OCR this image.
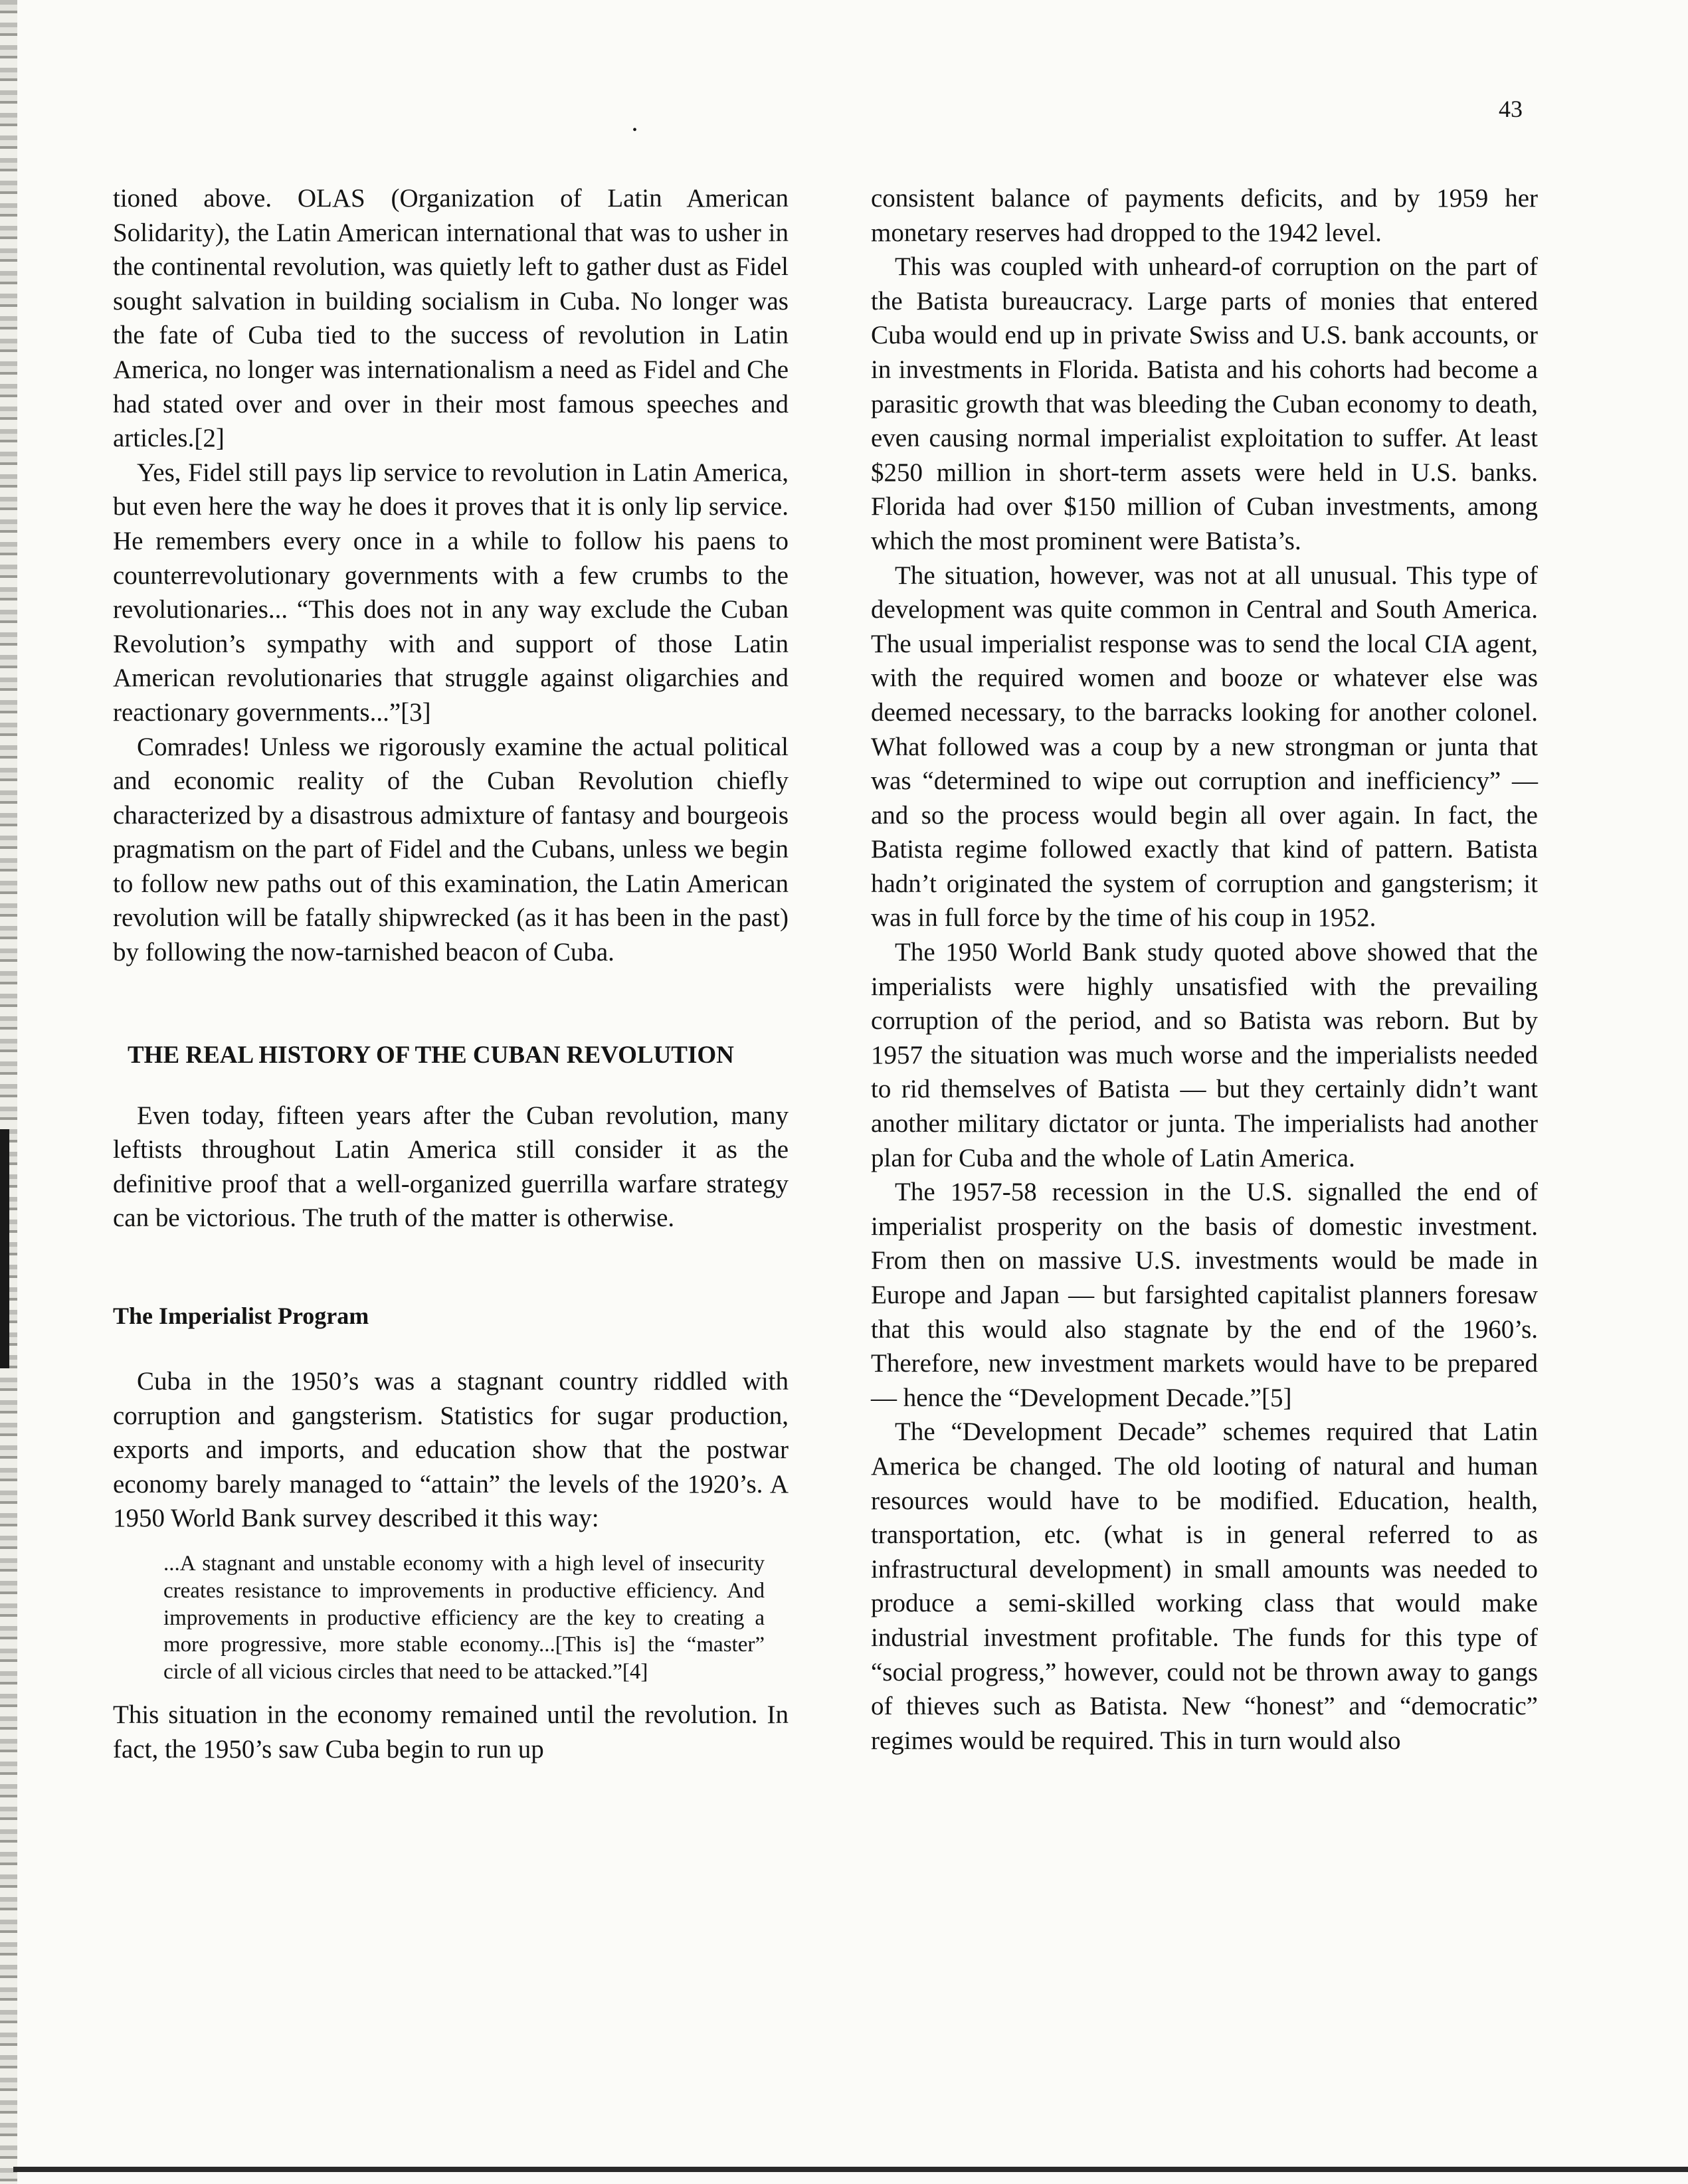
43
•

tioned above. OLAS (Organization of Latin American Solidarity), the Latin American international that was to usher in the continental revolution, was quietly left to gather dust as Fidel sought salvation in building socialism in Cuba. No longer was the fate of Cuba tied to the success of revolution in Latin America, no longer was internationalism a need as Fidel and Che had stated over and over in their most famous speeches and articles.[2]

Yes, Fidel still pays lip service to revolution in Latin America, but even here the way he does it proves that it is only lip service. He remembers every once in a while to follow his paens to counterrevolutionary governments with a few crumbs to the revolutionaries... “This does not in any way exclude the Cuban Revolution’s sympathy with and support of those Latin American revolutionaries that struggle against oligarchies and reactionary governments...”[3]

Comrades! Unless we rigorously examine the actual political and economic reality of the Cuban Revolution chiefly characterized by a disastrous admixture of fantasy and bourgeois pragmatism on the part of Fidel and the Cubans, unless we begin to follow new paths out of this examination, the Latin American revolution will be fatally shipwrecked (as it has been in the past) by following the now-tarnished beacon of Cuba.

THE REAL HISTORY OF THE CUBAN REVOLUTION

Even today, fifteen years after the Cuban revolution, many leftists throughout Latin America still consider it as the definitive proof that a well-organized guerrilla warfare strategy can be victorious. The truth of the matter is otherwise.

The Imperialist Program

Cuba in the 1950’s was a stagnant country riddled with corruption and gangsterism. Statistics for sugar production, exports and imports, and education show that the postwar economy barely managed to “attain” the levels of the 1920’s. A 1950 World Bank survey described it this way:

...A stagnant and unstable economy with a high level of insecurity creates resistance to improvements in productive efficiency. And improvements in productive efficiency are the key to creating a more progressive, more stable economy...[This is] the “master” circle of all vicious circles that need to be attacked.”[4]

This situation in the economy remained until the revolution. In fact, the 1950’s saw Cuba begin to run up

consistent balance of payments deficits, and by 1959 her monetary reserves had dropped to the 1942 level.

This was coupled with unheard-of corruption on the part of the Batista bureaucracy. Large parts of monies that entered Cuba would end up in private Swiss and U.S. bank accounts, or in investments in Florida. Batista and his cohorts had become a parasitic growth that was bleeding the Cuban economy to death, even causing normal imperialist exploitation to suffer. At least $250 million in short-term assets were held in U.S. banks. Florida had over $150 million of Cuban investments, among which the most prominent were Batista’s.

The situation, however, was not at all unusual. This type of development was quite common in Central and South America. The usual imperialist response was to send the local CIA agent, with the required women and booze or whatever else was deemed necessary, to the barracks looking for another colonel. What followed was a coup by a new strongman or junta that was “determined to wipe out corruption and inefficiency” — and so the process would begin all over again. In fact, the Batista regime followed exactly that kind of pattern. Batista hadn’t originated the system of corruption and gangsterism; it was in full force by the time of his coup in 1952.

The 1950 World Bank study quoted above showed that the imperialists were highly unsatisfied with the prevailing corruption of the period, and so Batista was reborn. But by 1957 the situation was much worse and the imperialists needed to rid themselves of Batista — but they certainly didn’t want another military dictator or junta. The imperialists had another plan for Cuba and the whole of Latin America.

The 1957-58 recession in the U.S. signalled the end of imperialist prosperity on the basis of domestic investment. From then on massive U.S. investments would be made in Europe and Japan — but farsighted capitalist planners foresaw that this would also stagnate by the end of the 1960’s. Therefore, new investment markets would have to be prepared — hence the “Development Decade.”[5]

The “Development Decade” schemes required that Latin America be changed. The old looting of natural and human resources would have to be modified. Education, health, transportation, etc. (what is in general referred to as infrastructural development) in small amounts was needed to produce a semi-skilled working class that would make industrial investment profitable. The funds for this type of “social progress,” however, could not be thrown away to gangs of thieves such as Batista. New “honest” and “democratic” regimes would be required. This in turn would also
